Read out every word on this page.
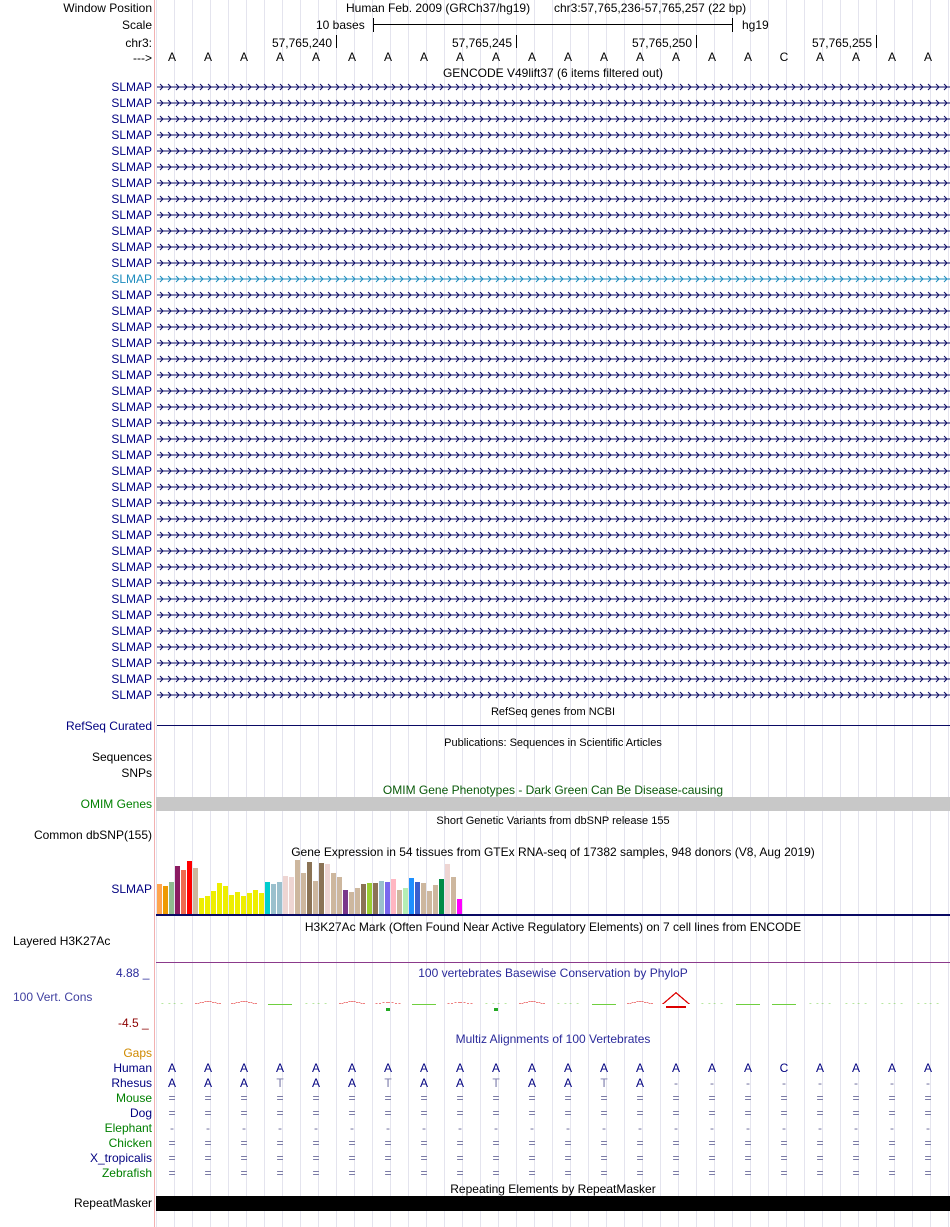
Window Position	Human Feb. 2009 (GRCh37/hg19) chr3:57,765,236-57,765,257 (22 bp)
Scale	10 bases	hg19
chr3:	57,765,240	57,765,245	57,765,250	57,765,255
---> A A A A A A A A A A A A A A A A A C A A A A
GENCODE V49lift37 (6 items filtered out)
SLMAP
SLMAP
SLMAP
SLMAP
SLMAP
SLMAP
SLMAP
SLMAP
SLMAP
SLMAP
SLMAP
SLMAP
SLMAP
SLMAP
SLMAP
SLMAP
SLMAP
SLMAP
SLMAP
SLMAP
SLMAP
SLMAP
SLMAP
SLMAP
SLMAP
SLMAP
SLMAP
SLMAP
SLMAP
SLMAP
SLMAP
SLMAP
SLMAP
SLMAP
SLMAP
SLMAP
SLMAP
SLMAP
SLMAP
RefSeq genes from NCBI
RefSeq Curated
Publications: Sequences in Scientific Articles
Sequences
SNPs
OMIM Gene Phenotypes - Dark Green Can Be Disease-causing
OMIM Genes
Short Genetic Variants from dbSNP release 155
Common dbSNP(155)
Gene Expression in 54 tissues from GTEx RNA-seq of 17382 samples, 948 donors (V8, Aug 2019)
SLMAP
H3K27Ac Mark (Often Found Near Active Regulatory Elements) on 7 cell lines from ENCODE
Layered H3K27Ac
100 vertebrates Basewise Conservation by PhyloP
4.88 _
100 Vert. Cons
-4.5 _
Multiz Alignments of 100 Vertebrates
Gaps
Human A A A A A A A A A A A A A A A A A C A A A A
Rhesus A A A T A A T A A T A A T A	-	-	-	-	-	-	-	-
Mouse = = = = = = = = = = = = = = = = = = = = = =
Dog = = = = = = = = = = = = = = = = = = = = = =
Elephant	-	-	-	-	-	-	-	-	-	-	-	-	-	-	-	-	-	-	-	-	-	-
Chicken = = = = = = = = = = = = = = = = = = = = = =
X_tropicalis = = = = = = = = = = = = = = = = = = = = = =
Zebrafish = = = = = = = = = = = = = = = = = = = = = =
Repeating Elements by RepeatMasker
RepeatMasker
